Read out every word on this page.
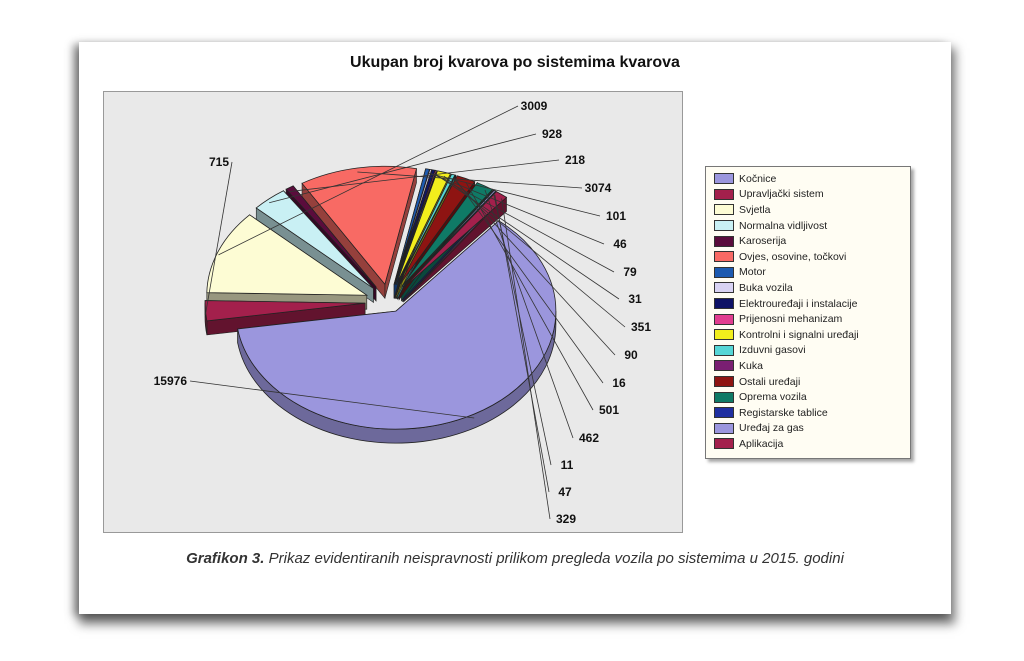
Ukupan broj kvarova po sistemima kvarova
15976
715
3009
928
218
3074
101
46
79
31
351
90
16
501
462
11
47
329
Kočnice
Upravljački sistem
Svjetla
Normalna vidljivost
Karoserija
Ovjes, osovine, točkovi
Motor
Buka vozila
Elektrouređaji i instalacije
Prijenosni mehanizam
Kontrolni i signalni uređaji
Izduvni gasovi
Kuka
Ostali uređaji
Oprema vozila
Registarske tablice
Uređaj za gas
Aplikacija
Grafikon 3. Prikaz evidentiranih neispravnosti prilikom pregleda vozila po sistemima u 2015. godini
